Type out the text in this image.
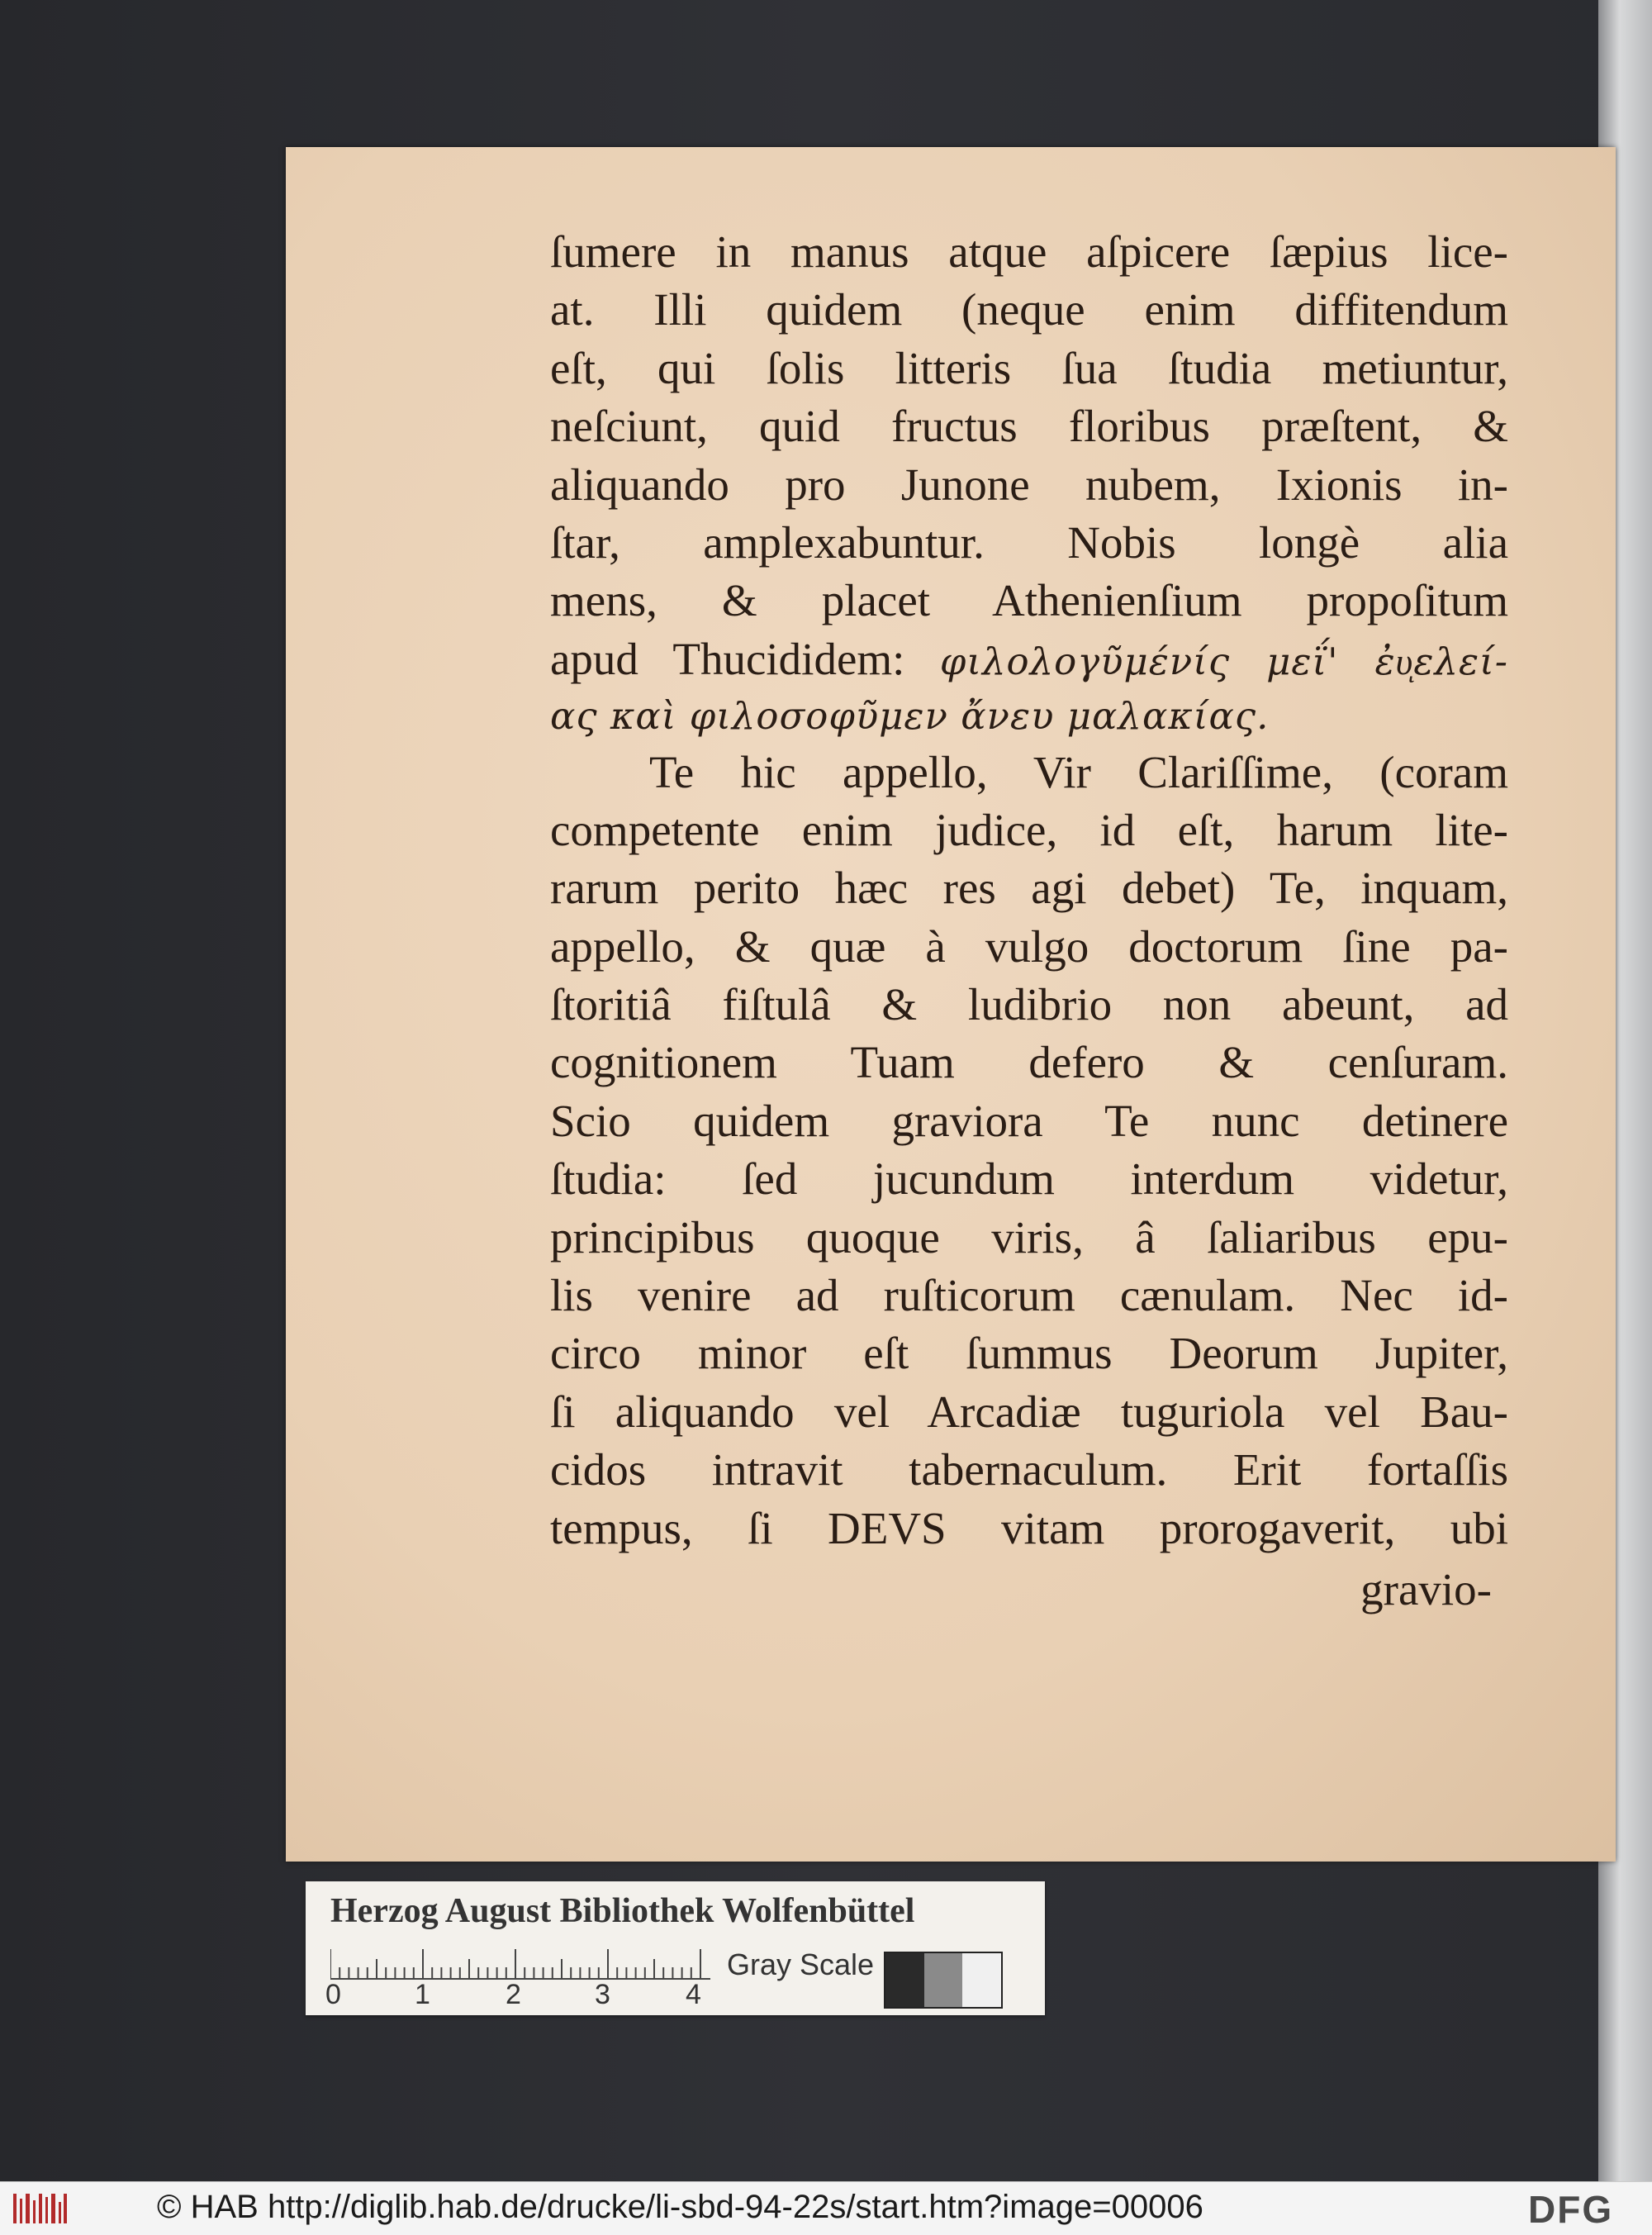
ſumere in manus atque aſpicere ſæpius lice-
at. Illi quidem (neque enim diffitendum
eſt, qui ſolis litteris ſua ſtudia metiuntur,
neſciunt, quid fructus floribus præſtent, &
aliquando pro Junone nubem, Ixionis in-
ſtar, amplexabuntur. Nobis longè alia
mens, & placet Athenienſium propoſitum
apud Thucididem: φιλολογῦμένίς μεΐ' ἐυͅελεί-
ας καὶ φιλοσοφῦμεν ἄνευ μαλακίας.
Te hic appello, Vir Clariſſime, (coram
competente enim judice, id eſt, harum lite-
rarum perito hæc res agi debet) Te, inquam,
appello, & quæ à vulgo doctorum ſine pa-
ſtoritiâ fiſtulâ & ludibrio non abeunt, ad
cognitionem Tuam defero & cenſuram.
Scio quidem graviora Te nunc detinere
ſtudia: ſed jucundum interdum videtur,
principibus quoque viris, â ſaliaribus epu-
lis venire ad ruſticorum cænulam. Nec id-
circo minor eſt ſummus Deorum Jupiter,
ſi aliquando vel Arcadiæ tuguriola vel Bau-
cidos intravit tabernaculum. Erit fortaſſis
tempus, ſi DEVS vitam prorogaverit, ubi
gravio-
Herzog August Bibliothek Wolfenbüttel
0	1	2	3	4
Gray Scale
© HAB http://diglib.hab.de/drucke/li-sbd-94-22s/start.htm?image=00006	DFG
